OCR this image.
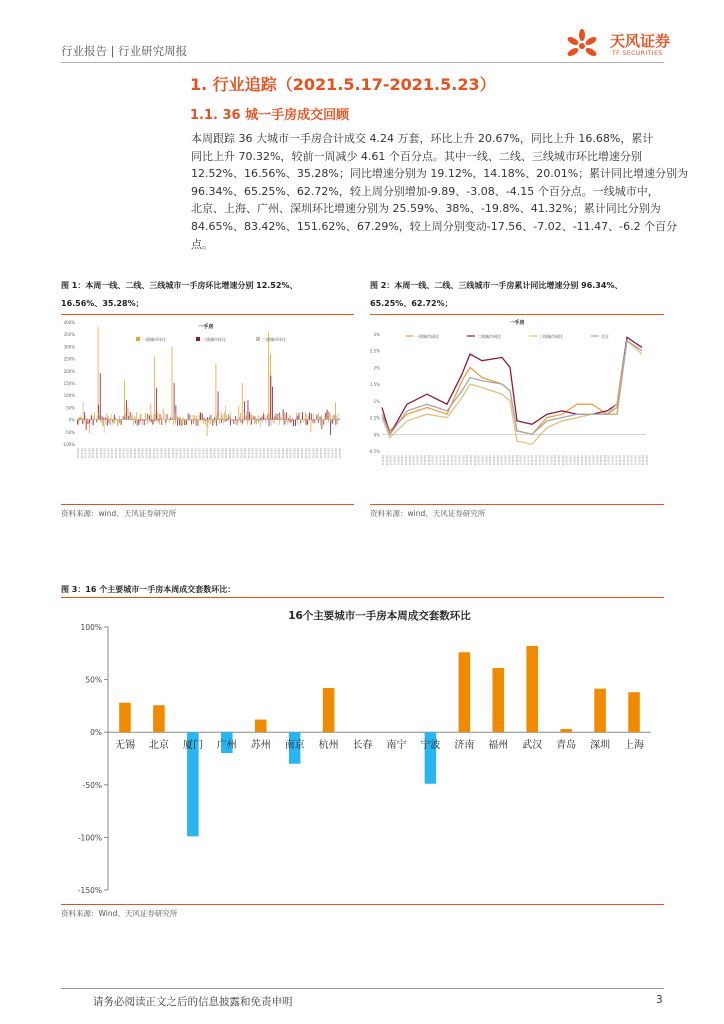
行业报告 | 行业研究周报
天风证券
TF SECURITIES
1. 行业追踪（2021.5.17-2021.5.23）
1.1. 36 城一手房成交回顾
本周跟踪 36 大城市一手房合计成交 4.24 万套，环比上升 20.67%，同比上升 16.68%，累计
同比上升 70.32%，较前一周减少 4.61 个百分点。其中一线、二线、三线城市环比增速分别
12.52%、16.56%、35.28%；同比增速分别为 19.12%、14.18%、20.01%；累计同比增速分别为
96.34%、65.25%、62.72%，较上周分别增加-9.89、-3.08、-4.15 个百分点。一线城市中，
北京、上海、广州、深圳环比增速分别为 25.59%、38%、-19.8%、41.32%；累计同比分别为
84.65%、83.42%、151.62%、67.29%，较上周分别变动-17.56、-7.02、-11.47、-6.2 个百分
点。
图 1：本周一线、二线、三线城市一手房环比增速分别 12.52%、
16.56%、35.28%；
400%
350%
300%
250%
200%
150%
100%
50%
0%
-50%
-100%
一手房
一线城市环比	二线城市环比	三线城市环比
2019-01 2019-01 2019-01 2019-01 2019-01 2019-01 2019-01 2019-01 2019-01 2019-01 2019-01 2019-01 2019-01 2019-01 2019-01 2019-01 2019-01 2019-01 2019-01 2019-01 2019-01 2019-01 2019-01 2019-01 2019-01 2019-01 2019-01 2019-01 2019-01 2019-01 2019-01 2019-01 2019-01 2019-01 2019-01 2019-01 2019-01 2019-01 2019-01 2019-01 2019-01 2019-01 2019-01 2019-01 2019-01 2019-01 2019-01 2019-01 2019-01 2019-01 2019-01 2019-01 2019-01 2019-01 2019-01 2019-01 2019-01 2019-01 2019-01 2019-01 2019-01 2019-01 2019-01 2019-01 2019-01 2019-01 2019-01 2019-01 2019-01 2019-01
资料来源：wind、天风证券研究所
图 2：本周一线、二线、三线城市一手房累计同比增速分别 96.34%、
65.25%、62.72%；
3%
2.5%
2%
1.5%
1%
0.5%
0%
-0.5%
一手房
一线城市同比	二线城市同比	三线城市同比	合计
2019-01 2019-01 2019-01 2019-01 2019-01 2019-01 2019-01 2019-01 2019-01 2019-01 2019-01 2019-01 2019-01 2019-01 2019-01 2019-01 2019-01 2019-01 2019-01 2019-01 2019-01 2019-01 2019-01 2019-01 2019-01 2019-01 2019-01 2019-01 2019-01 2019-01 2019-01 2019-01 2019-01 2019-01 2019-01 2019-01 2019-01 2019-01 2019-01 2019-01 2019-01 2019-01 2019-01 2019-01 2019-01 2019-01 2019-01 2019-01 2019-01 2019-01 2019-01 2019-01 2019-01 2019-01 2019-01 2019-01 2019-01 2019-01 2019-01 2019-01 2019-01 2019-01 2019-01 2019-01 2019-01 2019-01 2019-01 2019-01 2019-01 2019-01
资料来源：wind、天风证券研究所
图 3：16 个主要城市一手房本周成交套数环比：
16个主要城市一手房本周成交套数环比
100%
50%
0%
-50%
-100%
-150%
无锡 北京 厦门 广州 苏州 南京 杭州 长春 南宁 宁波 济南 福州 武汉 青岛 深圳 上海
资料来源：Wind、天风证券研究所
请务必阅读正文之后的信息披露和免责申明	3
